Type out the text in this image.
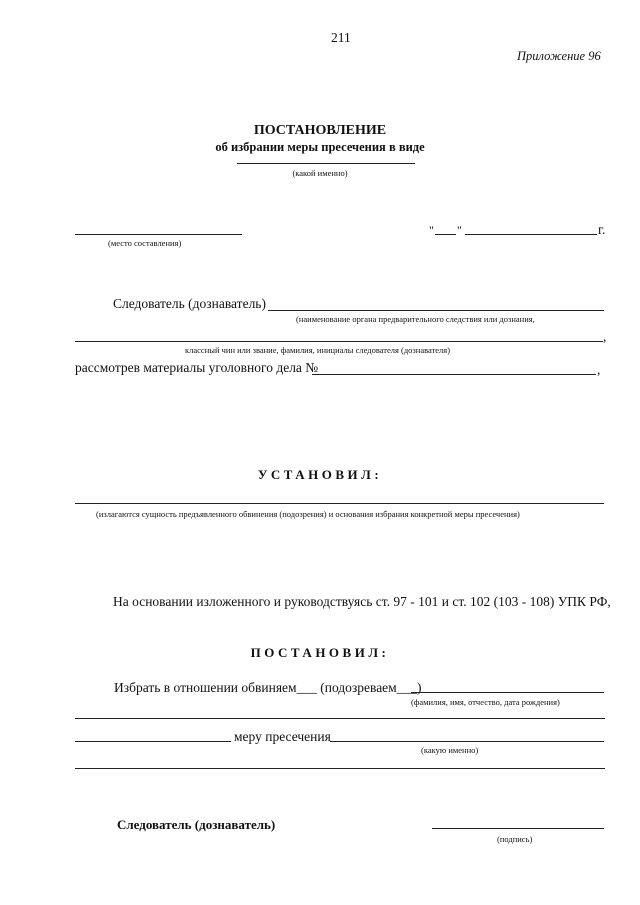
211
Приложение 96
ПОСТАНОВЛЕНИЕ
об избрании меры пресечения в виде
(какой именно)
(место составления)
" "	г.
Следователь (дознаватель)
(наименование органа предварительного следствия или дознания,
,
классный чин или звание, фамилия, инициалы следователя (дознавателя)
рассмотрев материалы уголовного дела №	,
УСТАНОВИЛ:
(излагаются сущность предъявленного обвинения (подозрения) и основания избрания конкретной меры пресечения)
На основании изложенного и руководствуясь ст. 97 - 101 и ст. 102 (103 - 108) УПК РФ,
ПОСТАНОВИЛ:
Избрать в отношении обвиняем___ (подозреваем___)
(фамилия, имя, отчество, дата рождения)
меру пресечения
(какую именно)
Следователь (дознаватель)
(подпись)
